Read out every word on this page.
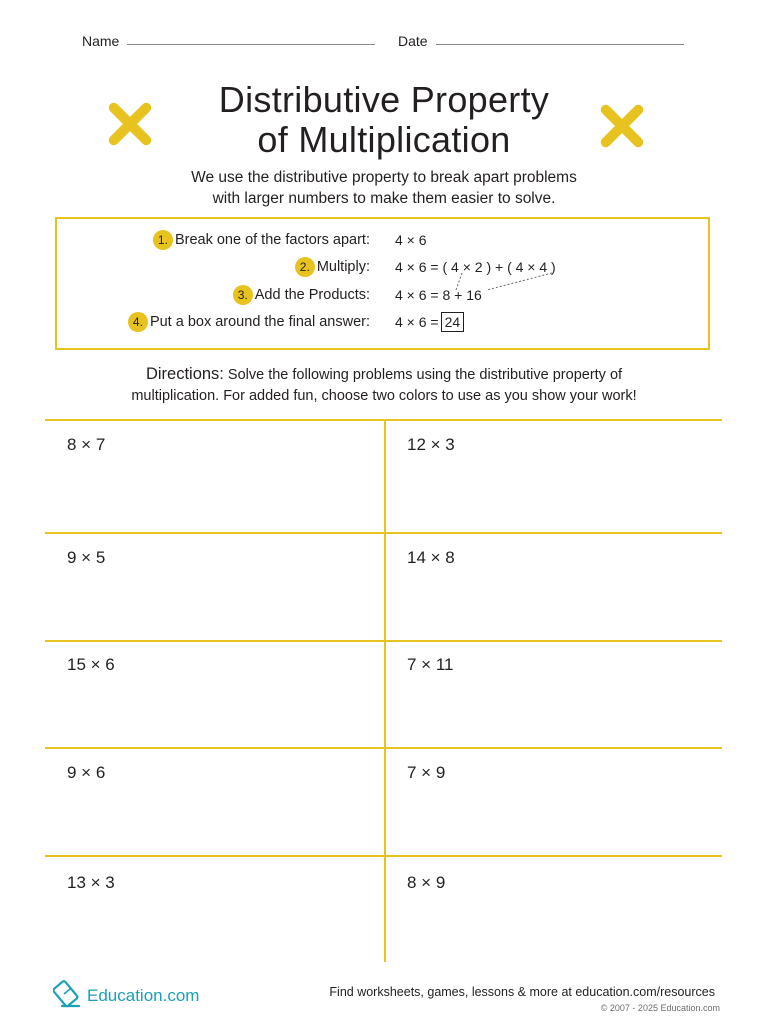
Name	Date
Distributive Property
of Multiplication
We use the distributive property to break apart problems
with larger numbers to make them easier to solve.
1. Break one of the factors apart: 4 × 6
2. Multiply: 4 × 6 = ( 4 × 2 ) + ( 4 × 4 )
3. Add the Products: 4 × 6 = 8 + 16
4. Put a box around the final answer: 4 × 6 = 24
Directions: Solve the following problems using the distributive property of
multiplication. For added fun, choose two colors to use as you show your work!
8 × 7	12 × 3
9 × 5	14 × 8
15 × 6	7 × 11
9 × 6	7 × 9
13 × 3	8 × 9
Education.com	Find worksheets, games, lessons & more at education.com/resources
© 2007 - 2025 Education.com
